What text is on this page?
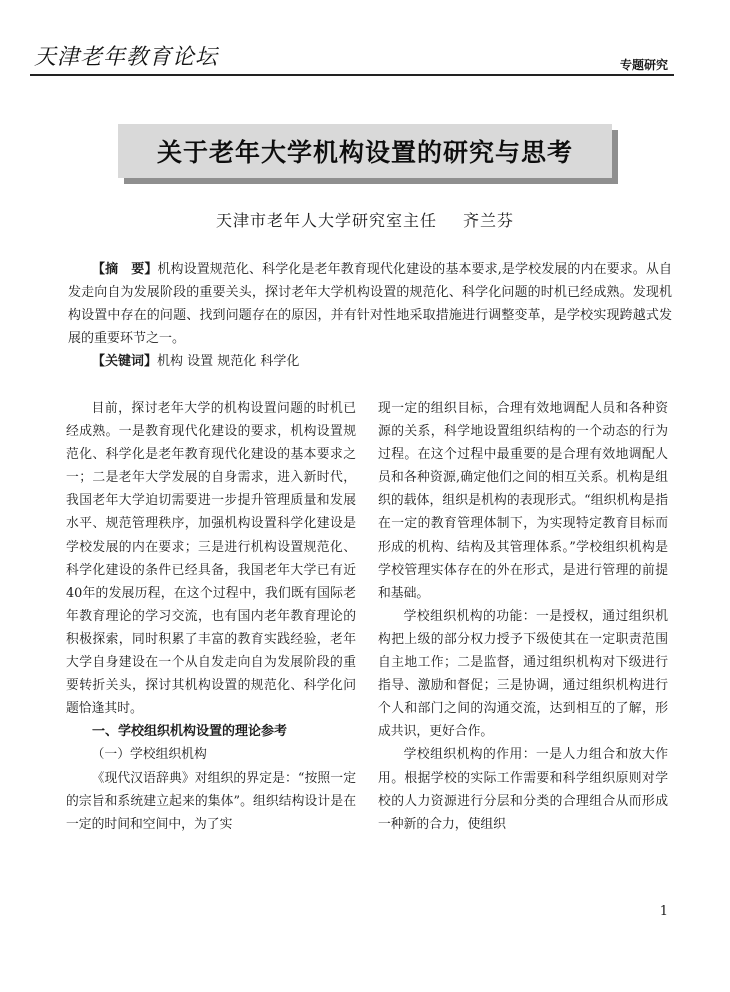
天津老年教育论坛	专题研究
关于老年大学机构设置的研究与思考
天津市老年人大学研究室主任 齐兰芬

【摘　要】机构设置规范化、科学化是老年教育现代化建设的基本要求,是学校发展的内在要求。从自发走向自为发展阶段的重要关头，探讨老年大学机构设置的规范化、科学化问题的时机已经成熟。发现机构设置中存在的问题、找到问题存在的原因，并有针对性地采取措施进行调整变革，是学校实现跨越式发展的重要环节之一。

【关键词】机构 设置 规范化 科学化

目前，探讨老年大学的机构设置问题的时机已经成熟。一是教育现代化建设的要求，机构设置规范化、科学化是老年教育现代化建设的基本要求之一；二是老年大学发展的自身需求，进入新时代，我国老年大学迫切需要进一步提升管理质量和发展水平、规范管理秩序，加强机构设置科学化建设是学校发展的内在要求；三是进行机构设置规范化、科学化建设的条件已经具备，我国老年大学已有近40年的发展历程，在这个过程中，我们既有国际老年教育理论的学习交流，也有国内老年教育理论的积极探索，同时积累了丰富的教育实践经验，老年大学自身建设在一个从自发走向自为发展阶段的重要转折关头，探讨其机构设置的规范化、科学化问题恰逢其时。

一、学校组织机构设置的理论参考

（一）学校组织机构

《现代汉语辞典》对组织的界定是：“按照一定的宗旨和系统建立起来的集体”。组织结构设计是在一定的时间和空间中，为了实

现一定的组织目标，合理有效地调配人员和各种资源的关系，科学地设置组织结构的一个动态的行为过程。在这个过程中最重要的是合理有效地调配人员和各种资源,确定他们之间的相互关系。机构是组织的载体，组织是机构的表现形式。“组织机构是指在一定的教育管理体制下，为实现特定教育目标而形成的机构、结构及其管理体系。”学校组织机构是学校管理实体存在的外在形式，是进行管理的前提和基础。

学校组织机构的功能：一是授权，通过组织机构把上级的部分权力授予下级使其在一定职责范围自主地工作；二是监督，通过组织机构对下级进行指导、激励和督促；三是协调，通过组织机构进行个人和部门之间的沟通交流，达到相互的了解，形成共识，更好合作。

学校组织机构的作用：一是人力组合和放大作用。根据学校的实际工作需要和科学组织原则对学校的人力资源进行分层和分类的合理组合从而形成一种新的合力，使组织

1
